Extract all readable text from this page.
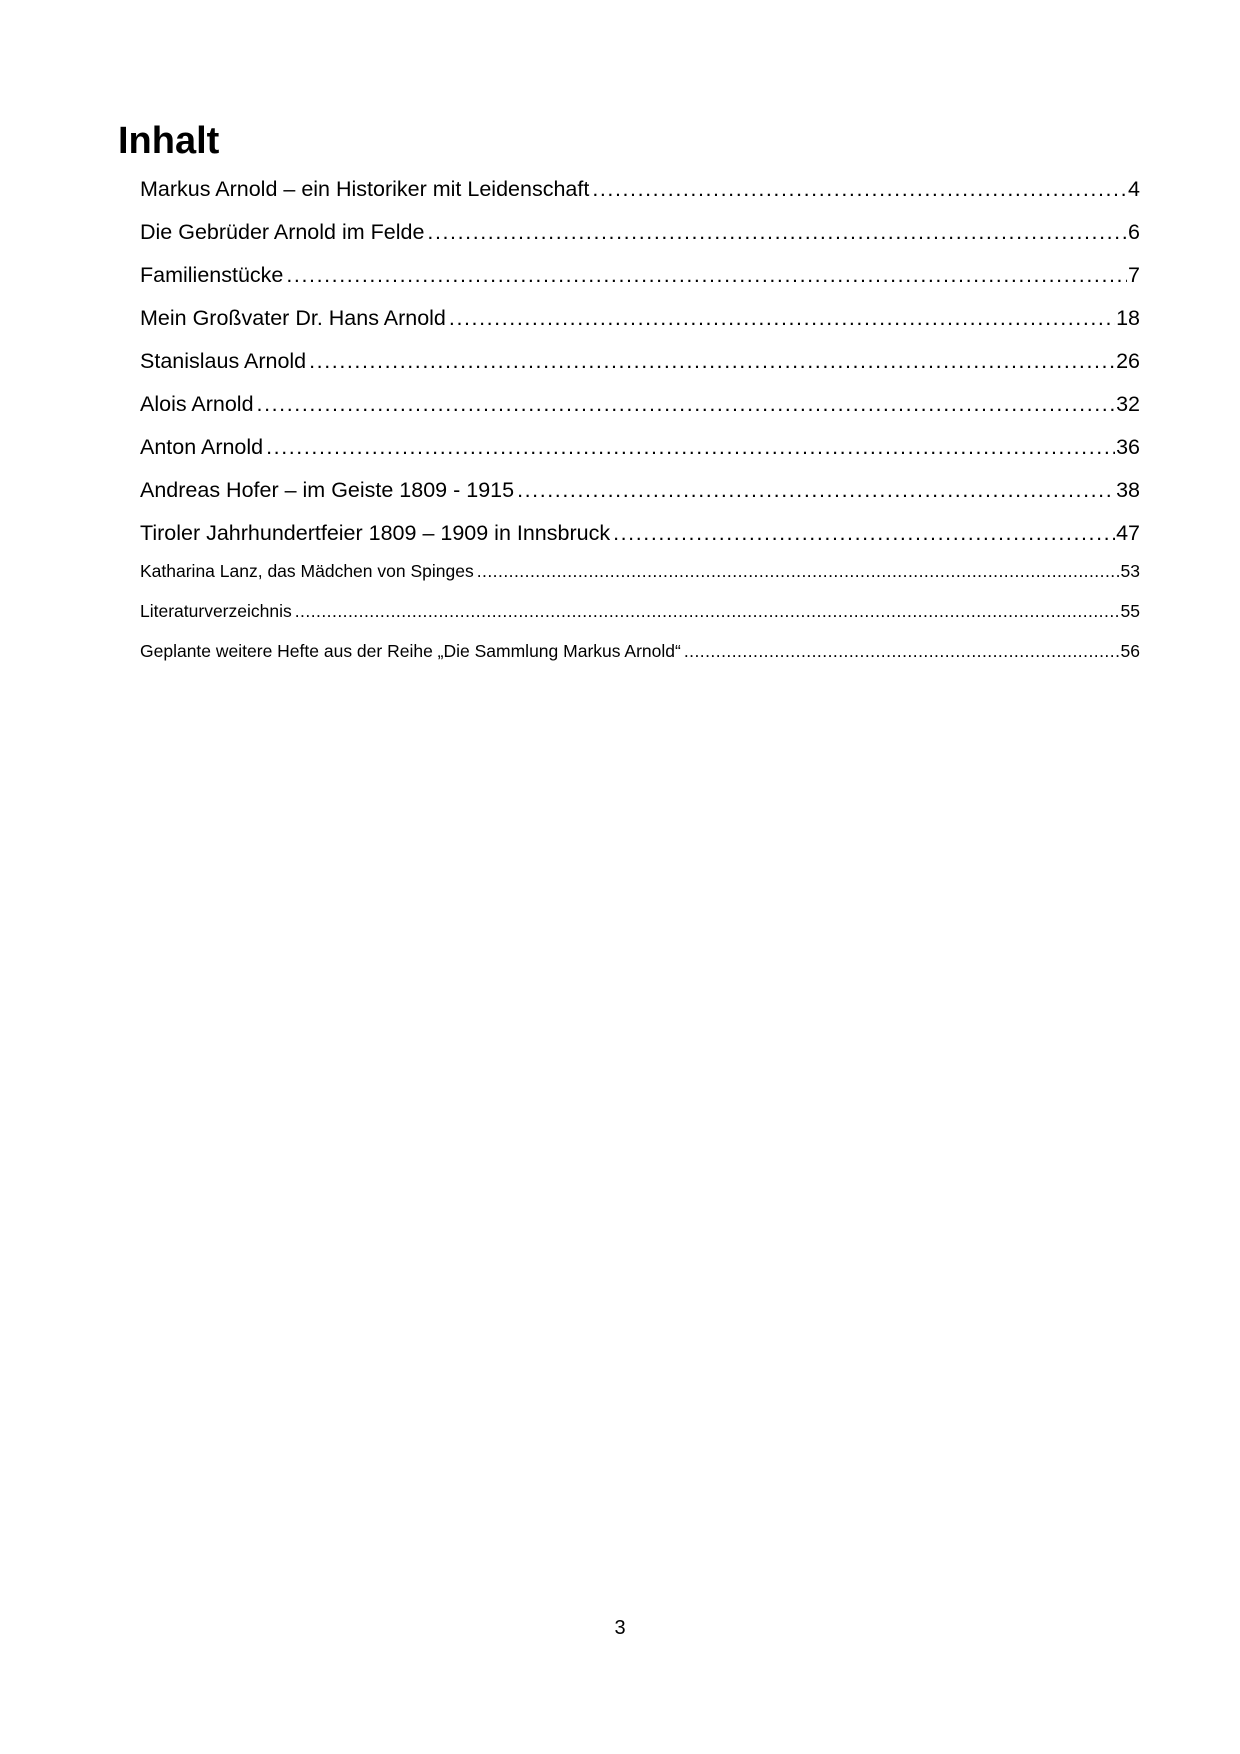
Inhalt
Markus Arnold – ein Historiker mit Leidenschaft . . .	4
Die Gebrüder Arnold im Felde . . .	6
Familienstücke . . .	7
Mein Großvater Dr. Hans Arnold . . .	18
Stanislaus Arnold . . .	26
Alois Arnold . . .	32
Anton Arnold . . .	36
Andreas Hofer – im Geiste 1809 - 1915 . . .	38
Tiroler Jahrhundertfeier 1809 – 1909 in Innsbruck . . .	47
Katharina Lanz, das Mädchen von Spinges . . .	53
Literaturverzeichnis . . .	55
Geplante weitere Hefte aus der Reihe „Die Sammlung Markus Arnold“ . . .	56
3
